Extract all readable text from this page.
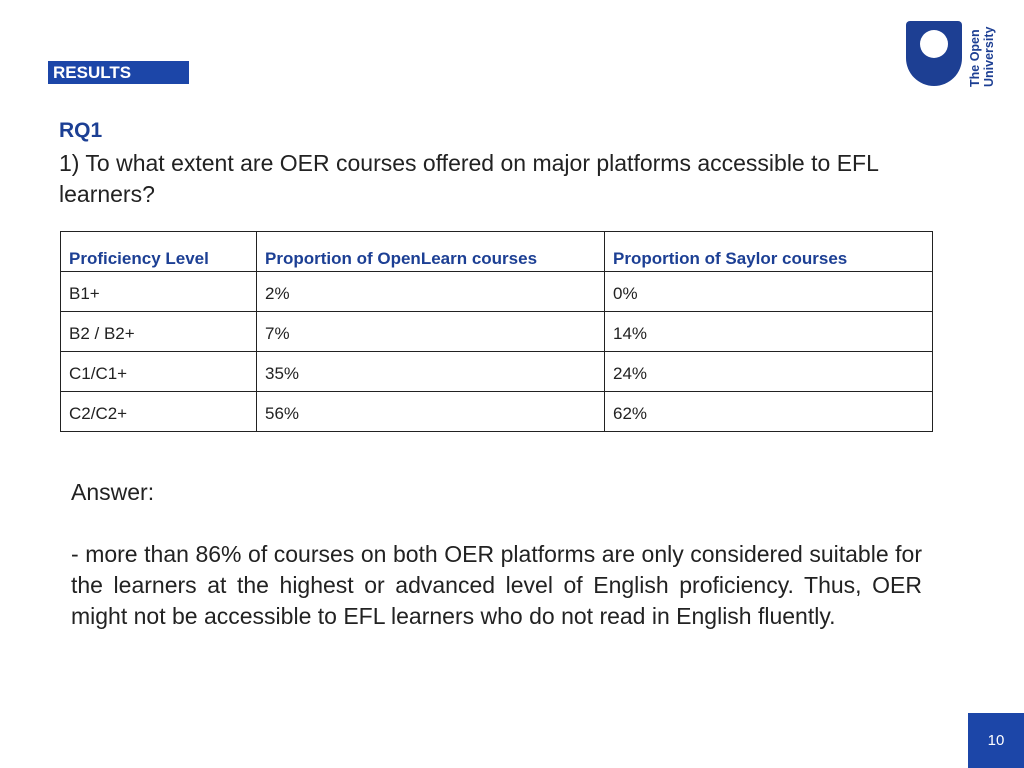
RESULTS	The Open University
RQ1

1) To what extent are OER courses offered on major platforms accessible to EFL learners?

Proficiency Level	Proportion of OpenLearn courses	Proportion of Saylor courses
B1+	2%	0%
B2 / B2+	7%	14%
C1/C1+	35%	24%
C2/C2+	56%	62%

Answer:

- more than 86% of courses on both OER platforms are only considered suitable for the learners at the highest or advanced level of English proficiency. Thus, OER might not be accessible to EFL learners who do not read in English fluently.

10
